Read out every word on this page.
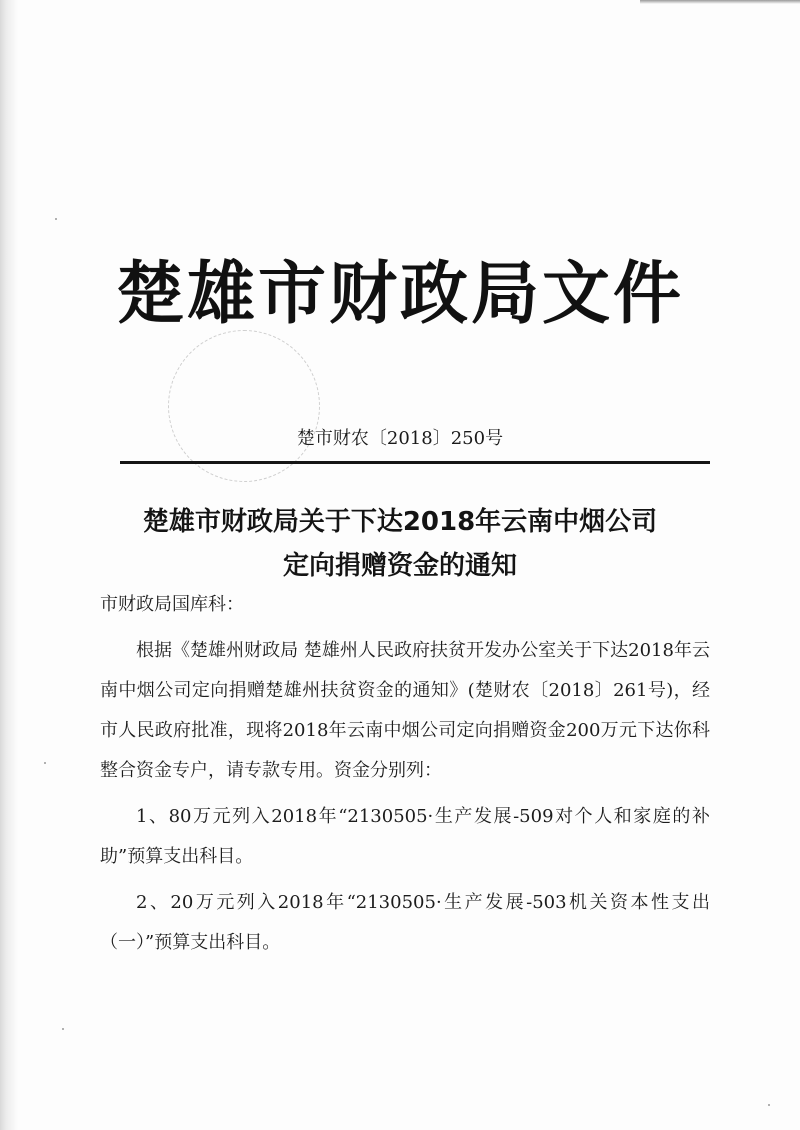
楚雄市财政局文件
楚市财农〔2018〕250号
楚雄市财政局关于下达2018年云南中烟公司
定向捐赠资金的通知
市财政局国库科：
根据《楚雄州财政局 楚雄州人民政府扶贫开发办公室关于下达2018年云南中烟公司定向捐赠楚雄州扶贫资金的通知》(楚财农〔2018〕261号)，经市人民政府批准，现将2018年云南中烟公司定向捐赠资金200万元下达你科整合资金专户，请专款专用。资金分别列：
1、80万元列入2018年“2130505·生产发展-509对个人和家庭的补助”预算支出科目。
2、20万元列入2018年“2130505·生产发展-503机关资本性支出（一）”预算支出科目。
